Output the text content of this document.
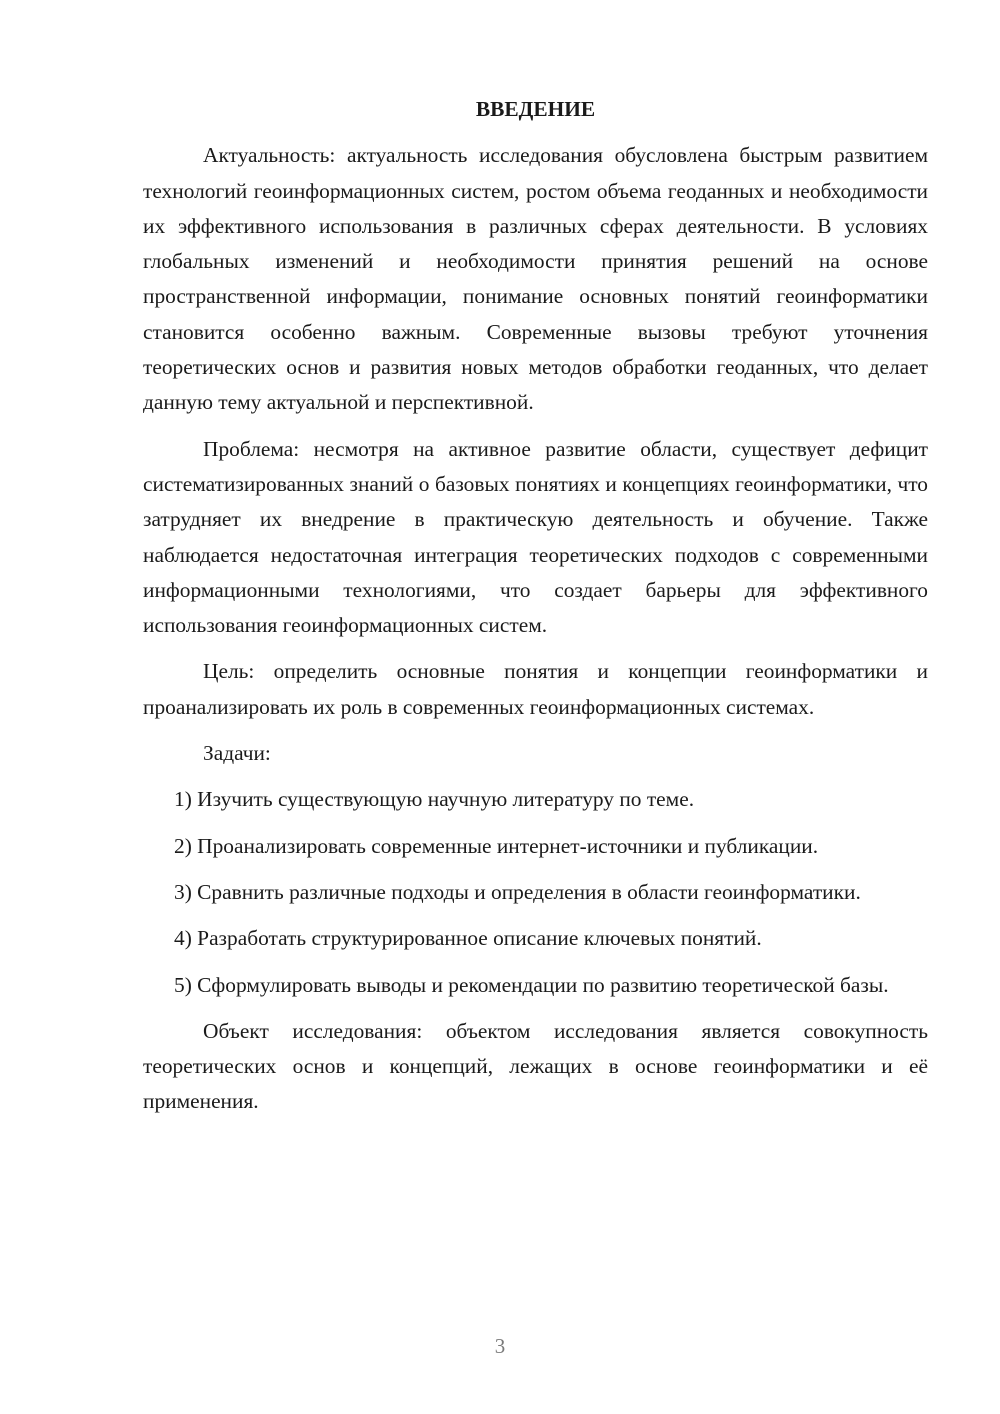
ВВЕДЕНИЕ

Актуальность: актуальность исследования обусловлена быстрым развитием технологий геоинформационных систем, ростом объема геоданных и необходимости их эффективного использования в различных сферах деятельности. В условиях глобальных изменений и необходимости принятия решений на основе пространственной информации, понимание основных понятий геоинформатики становится особенно важным. Современные вызовы требуют уточнения теоретических основ и развития новых методов обработки геоданных, что делает данную тему актуальной и перспективной.

Проблема: несмотря на активное развитие области, существует дефицит систематизированных знаний о базовых понятиях и концепциях геоинформатики, что затрудняет их внедрение в практическую деятельность и обучение. Также наблюдается недостаточная интеграция теоретических подходов с современными информационными технологиями, что создает барьеры для эффективного использования геоинформационных систем.

Цель: определить основные понятия и концепции геоинформатики и проанализировать их роль в современных геоинформационных системах.

Задачи:

1) Изучить существующую научную литературу по теме.

2) Проанализировать современные интернет-источники и публикации.

3) Сравнить различные подходы и определения в области геоинформатики.

4) Разработать структурированное описание ключевых понятий.

5) Сформулировать выводы и рекомендации по развитию теоретической базы.

Объект исследования: объектом исследования является совокупность теоретических основ и концепций, лежащих в основе геоинформатики и её применения.

3
